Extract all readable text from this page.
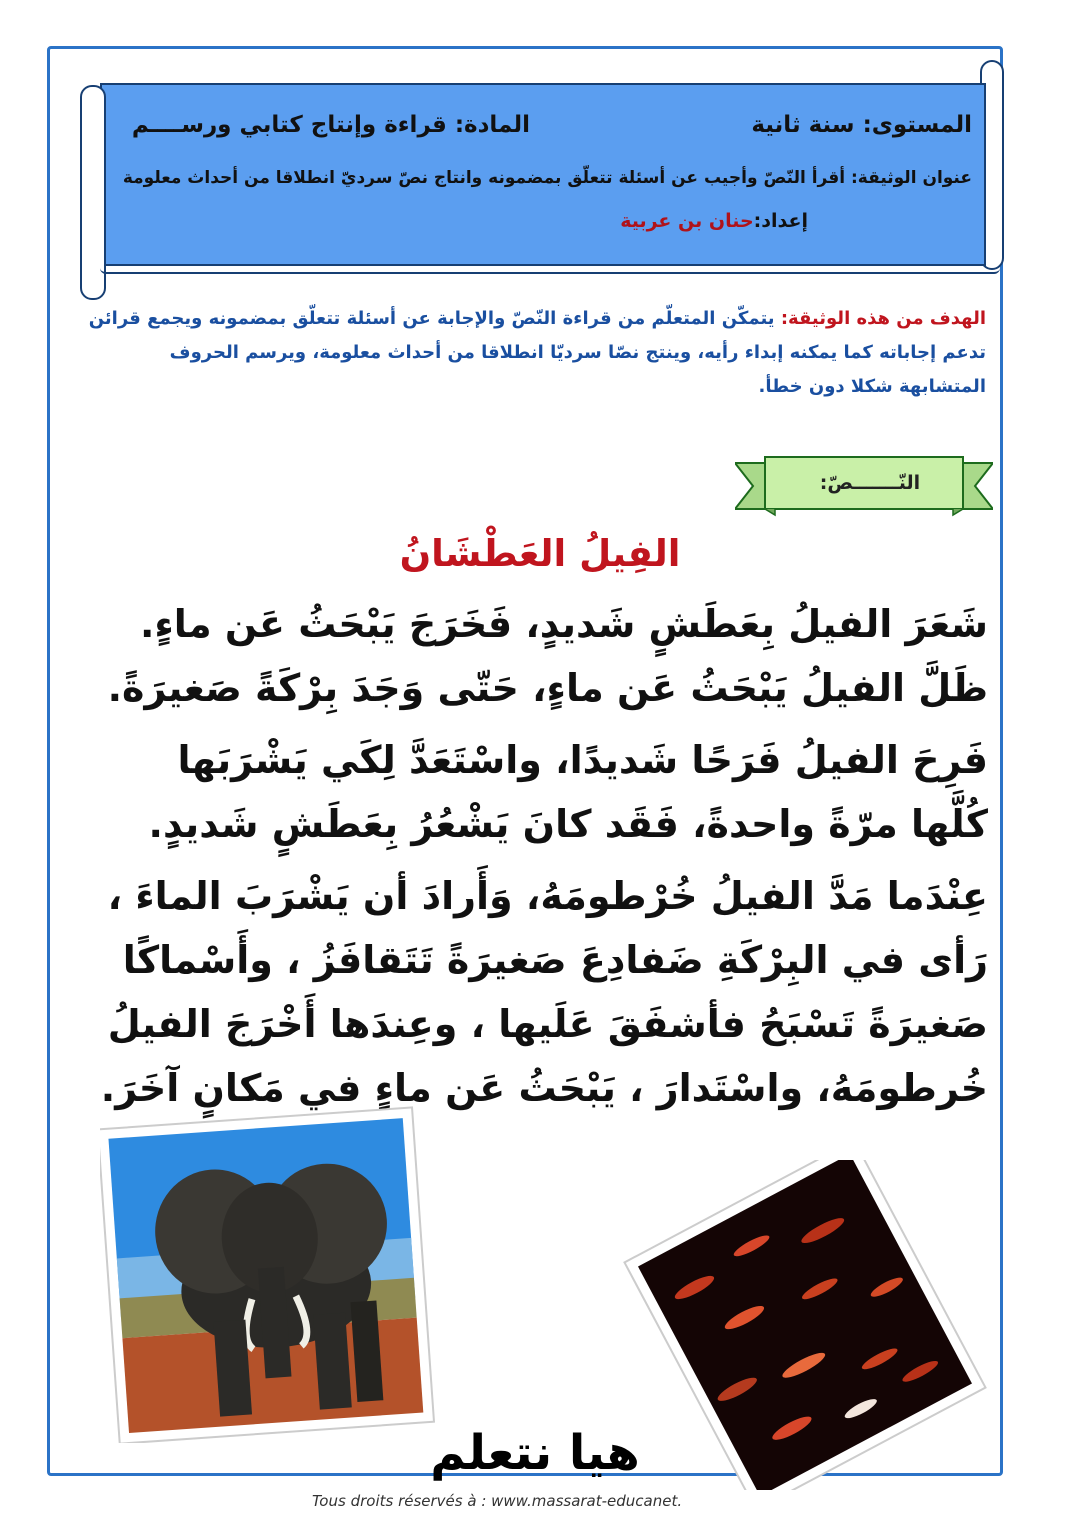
المستوى: سنة ثانية
المادة: قراءة وإنتاج كتابي ورســــم
عنوان الوثيقة: أقرأ النّصّ وأجيب عن أسئلة تتعلّق بمضمونه وانتاج نصّ سرديّ انطلاقا من أحداث معلومة
إعداد:حنان بن عربية
الهدف من هذه الوثيقة: يتمكّن المتعلّم من قراءة النّصّ والإجابة عن أسئلة تتعلّق بمضمونه ويجمع قرائن تدعم إجاباته كما يمكنه إبداء رأيه، وينتج نصّا سرديّا انطلاقا من أحداث معلومة، ويرسم الحروف المتشابهة شكلا دون خطأ.
النّـــــــصّ:
الفِيلُ العَطْشَانُ

شَعَرَ الفيلُ بِعَطَشٍ شَديدٍ، فَخَرَجَ يَبْحَثُ عَن ماءٍ. ظَلَّ الفيلُ يَبْحَثُ عَن ماءٍ، حَتّى وَجَدَ بِرْكَةً صَغيرَةً.

فَرِحَ الفيلُ فَرَحًا شَديدًا، واسْتَعَدَّ لِكَي يَشْرَبَها كُلَّها مرّةً واحدةً، فَقَد كانَ يَشْعُرُ بِعَطَشٍ شَديدٍ.

عِنْدَما مَدَّ الفيلُ خُرْطومَهُ، وَأَرادَ أن يَشْرَبَ الماءَ ، رَأى في البِرْكَةِ ضَفادِعَ صَغيرَةً تَتَقافَزُ ، وأَسْماكًا صَغيرَةً تَسْبَحُ فأشفَقَ عَلَيها ، وعِندَها أَخْرَجَ الفيلُ خُرطومَهُ، واسْتَدارَ ، يَبْحَثُ عَن ماءٍ في مَكانٍ آخَرَ.

هيا نتعلم
Tous droits réservés à : www.massarat-educanet.
